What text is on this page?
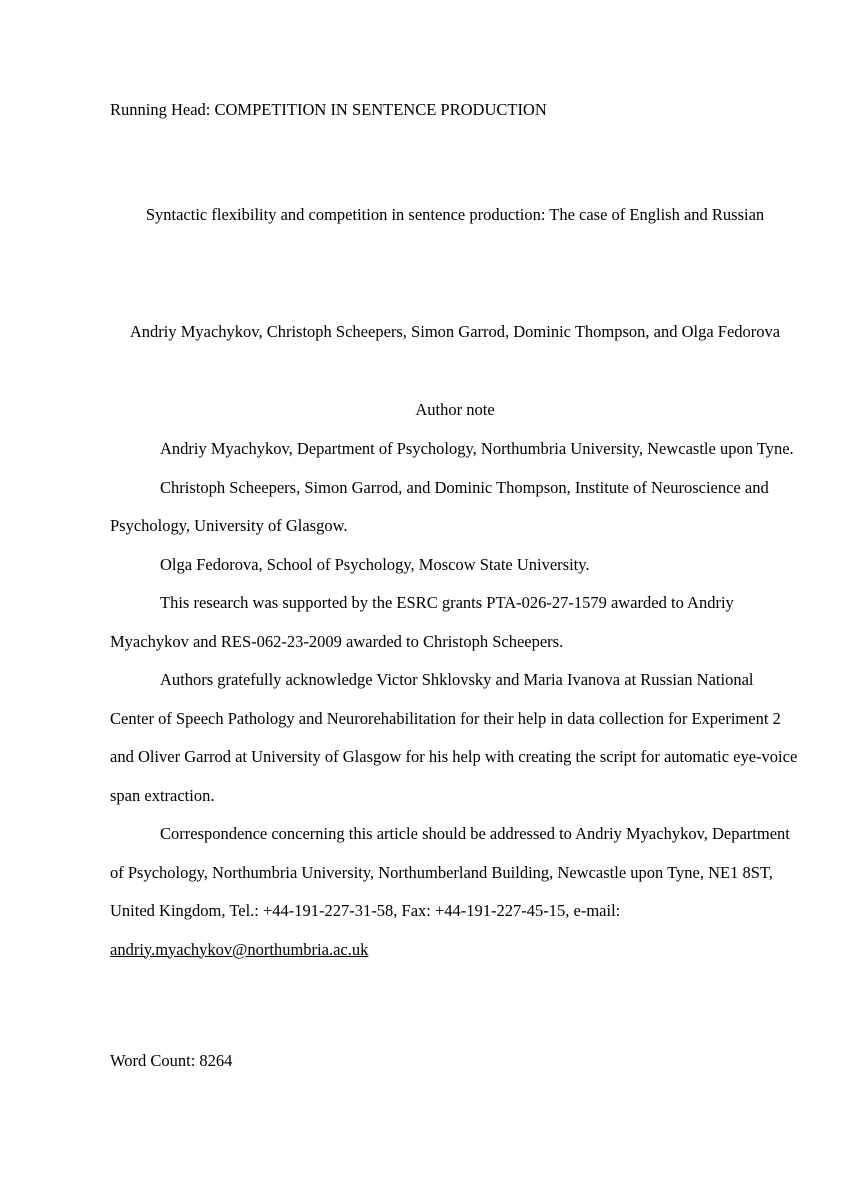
Running Head: COMPETITION IN SENTENCE PRODUCTION
Syntactic flexibility and competition in sentence production: The case of English and Russian
Andriy Myachykov, Christoph Scheepers, Simon Garrod, Dominic Thompson, and Olga Fedorova
Author note

Andriy Myachykov, Department of Psychology, Northumbria University, Newcastle upon Tyne.

Christoph Scheepers, Simon Garrod, and Dominic Thompson, Institute of Neuroscience and Psychology, University of Glasgow.

Olga Fedorova, School of Psychology, Moscow State University.

This research was supported by the ESRC grants PTA-026-27-1579 awarded to Andriy Myachykov and RES-062-23-2009 awarded to Christoph Scheepers.

Authors gratefully acknowledge Victor Shklovsky and Maria Ivanova at Russian National Center of Speech Pathology and Neurorehabilitation for their help in data collection for Experiment 2 and Oliver Garrod at University of Glasgow for his help with creating the script for automatic eye-voice span extraction.

Correspondence concerning this article should be addressed to Andriy Myachykov, Department of Psychology, Northumbria University, Northumberland Building, Newcastle upon Tyne, NE1 8ST, United Kingdom, Tel.: +44-191-227-31-58, Fax: +44-191-227-45-15, e-mail: andriy.myachykov@northumbria.ac.uk

Word Count: 8264
